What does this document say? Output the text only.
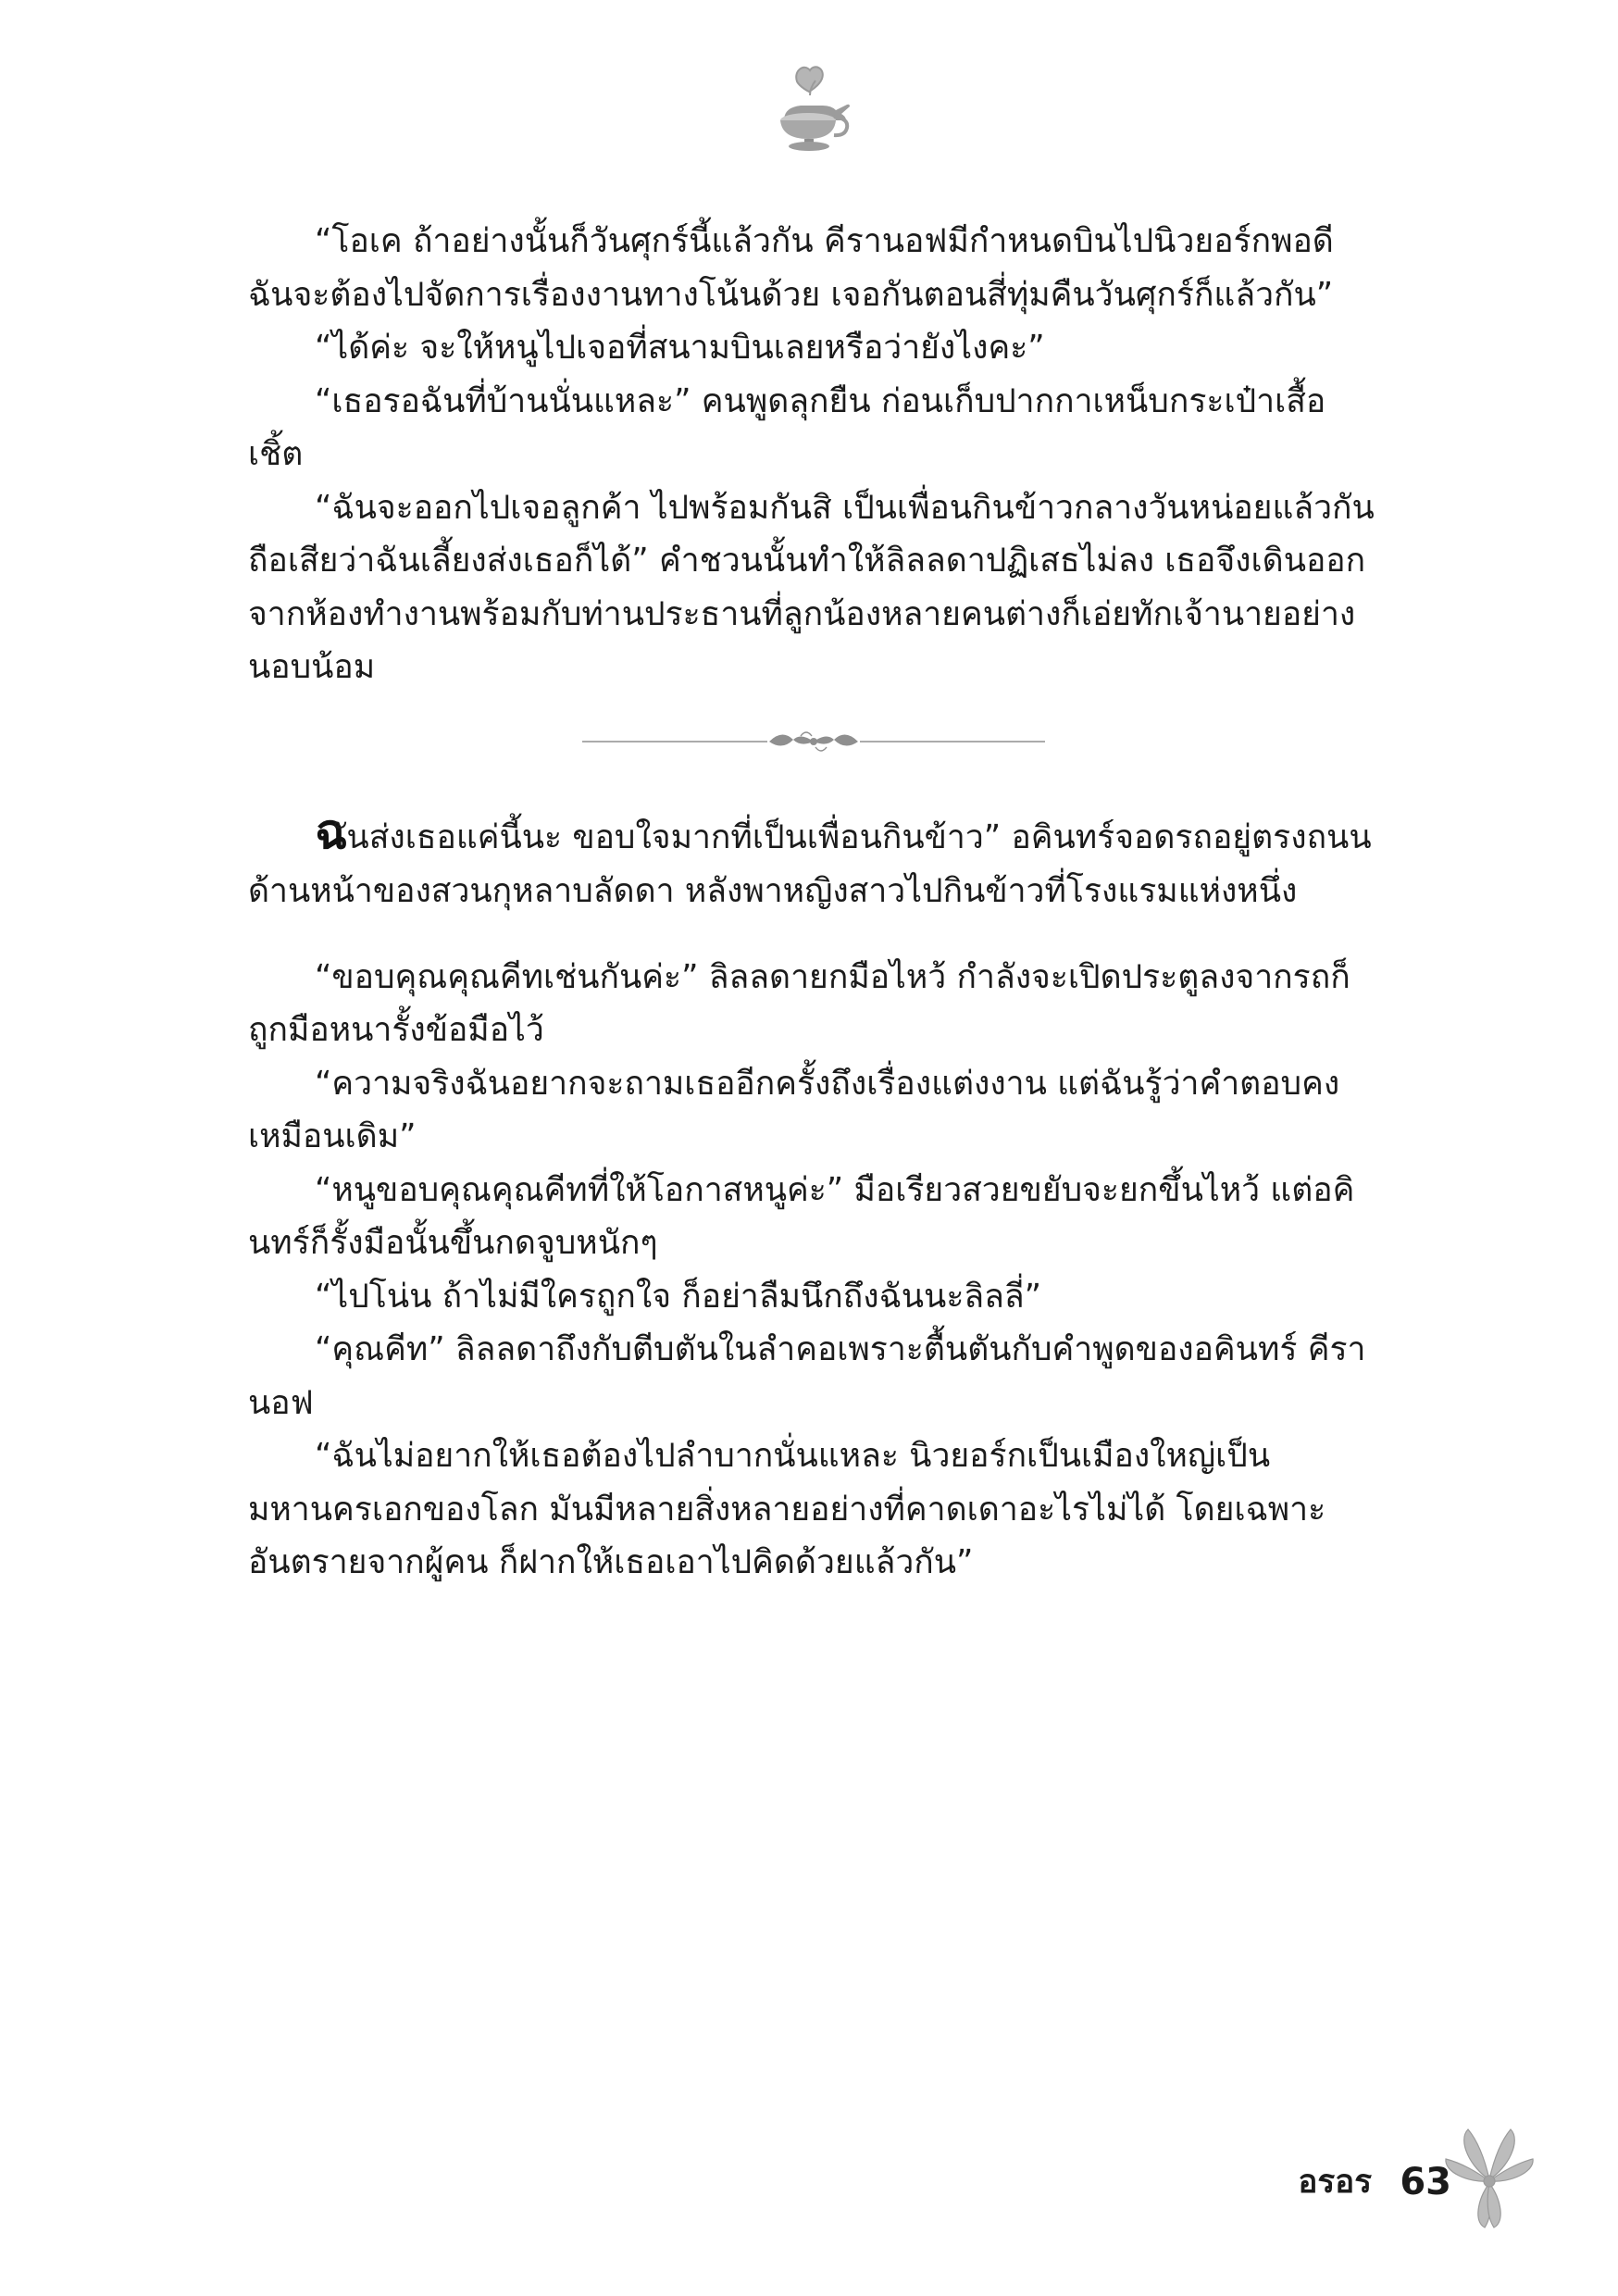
“โอเค ถ้าอย่างนั้นก็วันศุกร์นี้แล้วกัน คีรานอฟมีกำหนดบินไปนิวยอร์กพอดี ฉันจะต้องไปจัดการเรื่องงานทางโน้นด้วย เจอกันตอนสี่ทุ่มคืนวันศุกร์ก็แล้วกัน”

“ได้ค่ะ จะให้หนูไปเจอที่สนามบินเลยหรือว่ายังไงคะ”

“เธอรอฉันที่บ้านนั่นแหละ” คนพูดลุกยืน ก่อนเก็บปากกาเหน็บกระเป๋าเสื้อเชิ้ต

“ฉันจะออกไปเจอลูกค้า ไปพร้อมกันสิ เป็นเพื่อนกินข้าวกลางวันหน่อยแล้วกัน ถือเสียว่าฉันเลี้ยงส่งเธอก็ได้” คำชวนนั้นทำให้ลิลลดาปฏิเสธไม่ลง เธอจึงเดินออกจากห้องทำงานพร้อมกับท่านประธานที่ลูกน้องหลายคนต่างก็เอ่ยทักเจ้านายอย่างนอบน้อม

ฉันส่งเธอแค่นี้นะ ขอบใจมากที่เป็นเพื่อนกินข้าว” อคินทร์จอดรถอยู่ตรงถนนด้านหน้าของสวนกุหลาบลัดดา หลังพาหญิงสาวไปกินข้าวที่โรงแรมแห่งหนึ่ง

“ขอบคุณคุณคีทเช่นกันค่ะ” ลิลลดายกมือไหว้ กำลังจะเปิดประตูลงจากรถก็ถูกมือหนารั้งข้อมือไว้

“ความจริงฉันอยากจะถามเธออีกครั้งถึงเรื่องแต่งงาน แต่ฉันรู้ว่าคำตอบคงเหมือนเดิม”

“หนูขอบคุณคุณคีทที่ให้โอกาสหนูค่ะ” มือเรียวสวยขยับจะยกขึ้นไหว้ แต่อคินทร์ก็รั้งมือนั้นขึ้นกดจูบหนักๆ

“ไปโน่น ถ้าไม่มีใครถูกใจ ก็อย่าลืมนึกถึงฉันนะลิลลี่”

“คุณคีท” ลิลลดาถึงกับตีบตันในลำคอเพราะตื้นตันกับคำพูดของอคินทร์ คีรานอฟ

“ฉันไม่อยากให้เธอต้องไปลำบากนั่นแหละ นิวยอร์กเป็นเมืองใหญ่เป็นมหานครเอกของโลก มันมีหลายสิ่งหลายอย่างที่คาดเดาอะไรไม่ได้ โดยเฉพาะอันตรายจากผู้คน ก็ฝากให้เธอเอาไปคิดด้วยแล้วกัน”

อรอร 63
